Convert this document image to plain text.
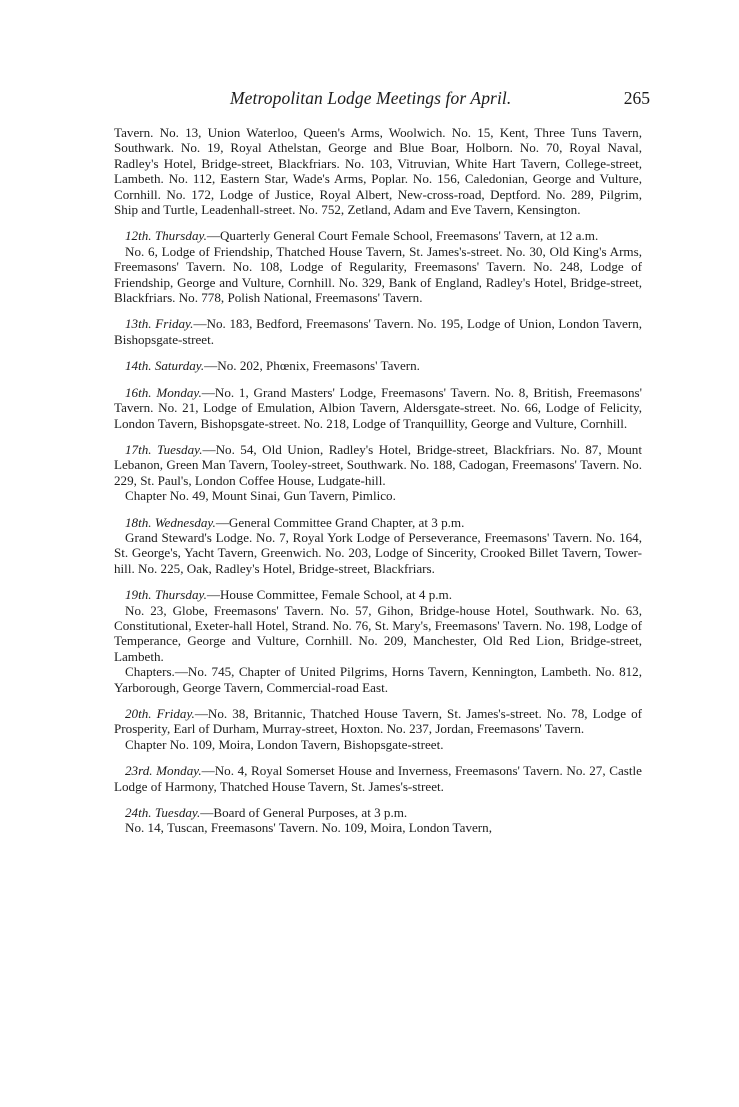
Metropolitan Lodge Meetings for April.	265

Tavern. No. 13, Union Waterloo, Queen's Arms, Woolwich. No. 15, Kent, Three Tuns Tavern, Southwark. No. 19, Royal Athelstan, George and Blue Boar, Holborn. No. 70, Royal Naval, Radley's Hotel, Bridge-street, Blackfriars. No. 103, Vitruvian, White Hart Tavern, College-street, Lambeth. No. 112, Eastern Star, Wade's Arms, Poplar. No. 156, Caledonian, George and Vulture, Cornhill. No. 172, Lodge of Justice, Royal Albert, New-cross-road, Deptford. No. 289, Pilgrim, Ship and Turtle, Leadenhall-street. No. 752, Zetland, Adam and Eve Tavern, Kensington.

12th. Thursday.—Quarterly General Court Female School, Freemasons' Tavern, at 12 a.m.

No. 6, Lodge of Friendship, Thatched House Tavern, St. James's-street. No. 30, Old King's Arms, Freemasons' Tavern. No. 108, Lodge of Regularity, Freemasons' Tavern. No. 248, Lodge of Friendship, George and Vulture, Cornhill. No. 329, Bank of England, Radley's Hotel, Bridge-street, Blackfriars. No. 778, Polish National, Freemasons' Tavern.

13th. Friday.—No. 183, Bedford, Freemasons' Tavern. No. 195, Lodge of Union, London Tavern, Bishopsgate-street.

14th. Saturday.—No. 202, Phœnix, Freemasons' Tavern.

16th. Monday.—No. 1, Grand Masters' Lodge, Freemasons' Tavern. No. 8, British, Freemasons' Tavern. No. 21, Lodge of Emulation, Albion Tavern, Aldersgate-street. No. 66, Lodge of Felicity, London Tavern, Bishopsgate-street. No. 218, Lodge of Tranquillity, George and Vulture, Cornhill.

17th. Tuesday.—No. 54, Old Union, Radley's Hotel, Bridge-street, Blackfriars. No. 87, Mount Lebanon, Green Man Tavern, Tooley-street, Southwark. No. 188, Cadogan, Freemasons' Tavern. No. 229, St. Paul's, London Coffee House, Ludgate-hill.

Chapter No. 49, Mount Sinai, Gun Tavern, Pimlico.

18th. Wednesday.—General Committee Grand Chapter, at 3 p.m.

Grand Steward's Lodge. No. 7, Royal York Lodge of Perseverance, Freemasons' Tavern. No. 164, St. George's, Yacht Tavern, Greenwich. No. 203, Lodge of Sincerity, Crooked Billet Tavern, Tower-hill. No. 225, Oak, Radley's Hotel, Bridge-street, Blackfriars.

19th. Thursday.—House Committee, Female School, at 4 p.m.

No. 23, Globe, Freemasons' Tavern. No. 57, Gihon, Bridge-house Hotel, Southwark. No. 63, Constitutional, Exeter-hall Hotel, Strand. No. 76, St. Mary's, Freemasons' Tavern. No. 198, Lodge of Temperance, George and Vulture, Cornhill. No. 209, Manchester, Old Red Lion, Bridge-street, Lambeth.

Chapters.—No. 745, Chapter of United Pilgrims, Horns Tavern, Kennington, Lambeth. No. 812, Yarborough, George Tavern, Commercial-road East.

20th. Friday.—No. 38, Britannic, Thatched House Tavern, St. James's-street. No. 78, Lodge of Prosperity, Earl of Durham, Murray-street, Hoxton. No. 237, Jordan, Freemasons' Tavern.

Chapter No. 109, Moira, London Tavern, Bishopsgate-street.

23rd. Monday.—No. 4, Royal Somerset House and Inverness, Freemasons' Tavern. No. 27, Castle Lodge of Harmony, Thatched House Tavern, St. James's-street.

24th. Tuesday.—Board of General Purposes, at 3 p.m.

No. 14, Tuscan, Freemasons' Tavern. No. 109, Moira, London Tavern,
